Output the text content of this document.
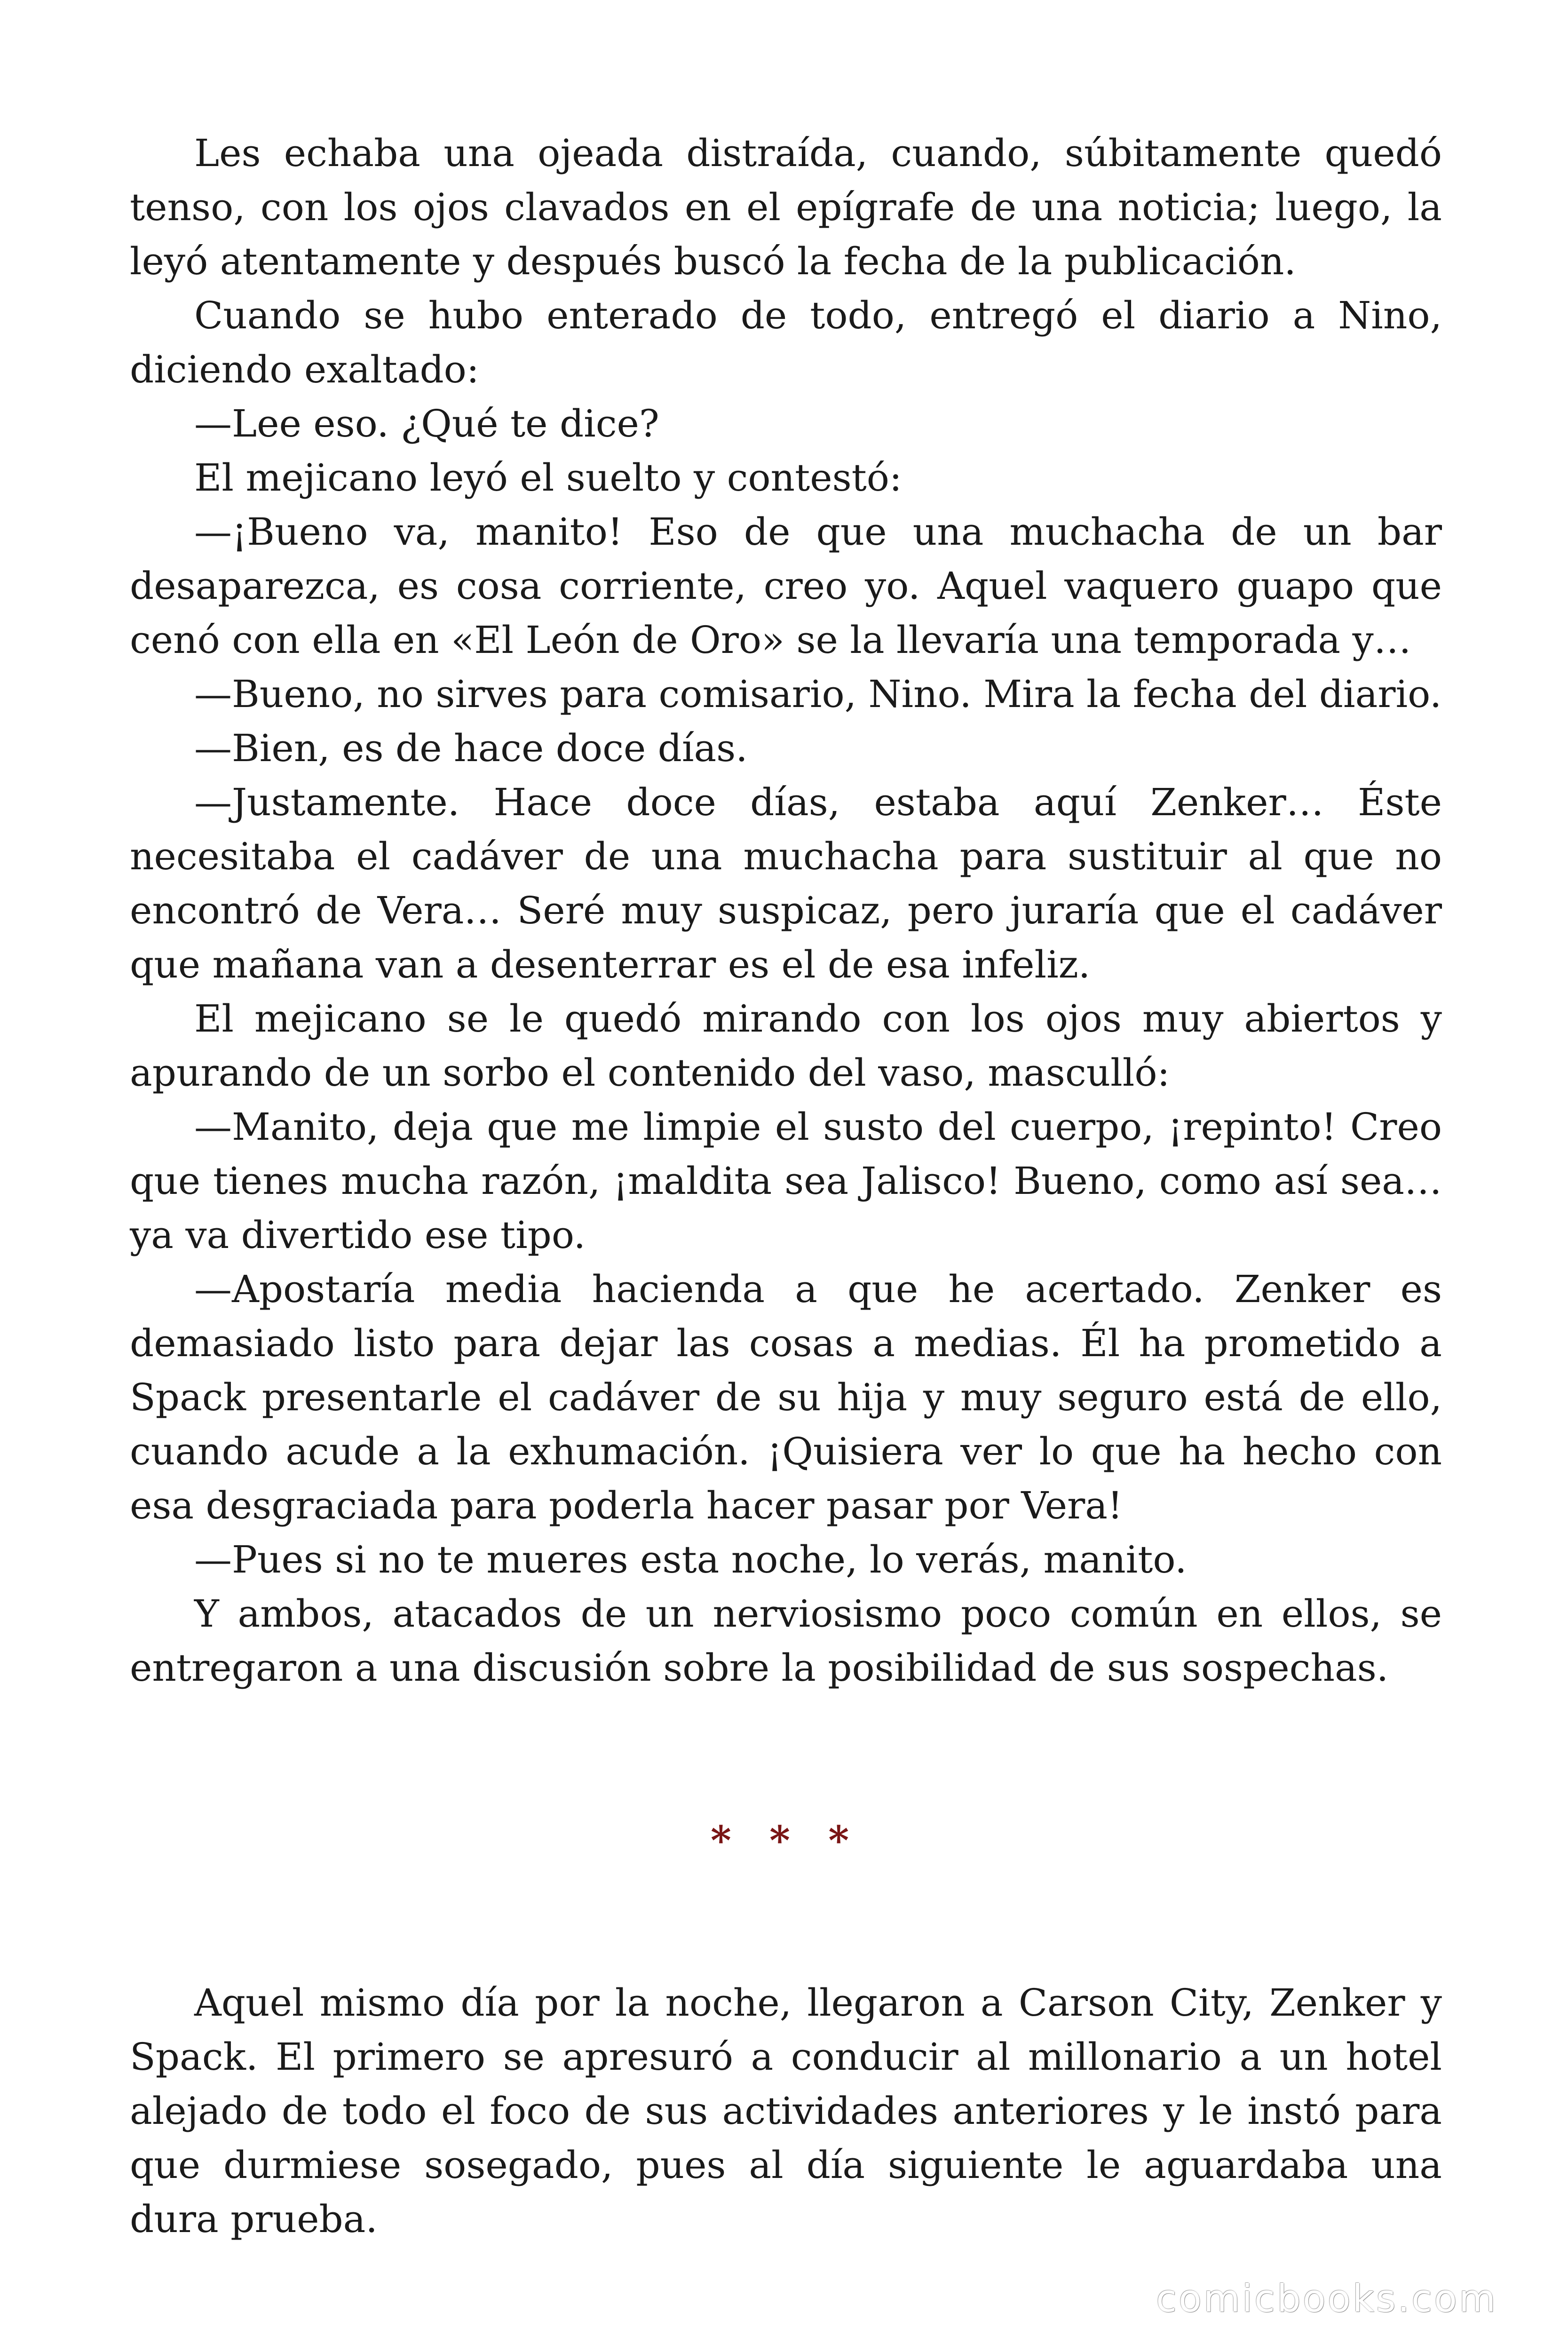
Les echaba una ojeada distraída, cuando, súbitamente quedó tenso, con los ojos clavados en el epígrafe de una noticia; luego, la leyó atentamente y después buscó la fecha de la publicación.

Cuando se hubo enterado de todo, entregó el diario a Nino, diciendo exaltado:

—Lee eso. ¿Qué te dice?

El mejicano leyó el suelto y contestó:

—¡Bueno va, manito! Eso de que una muchacha de un bar desaparezca, es cosa corriente, creo yo. Aquel vaquero guapo que cenó con ella en «El León de Oro» se la llevaría una temporada y…

—Bueno, no sirves para comisario, Nino. Mira la fecha del diario.

—Bien, es de hace doce días.

—Justamente. Hace doce días, estaba aquí Zenker… Éste necesitaba el cadáver de una muchacha para sustituir al que no encontró de Vera… Seré muy suspicaz, pero juraría que el cadáver que mañana van a desenterrar es el de esa infeliz.

El mejicano se le quedó mirando con los ojos muy abiertos y apurando de un sorbo el contenido del vaso, masculló:

—Manito, deja que me limpie el susto del cuerpo, ¡repinto! Creo que tienes mucha razón, ¡maldita sea Jalisco! Bueno, como así sea… ya va divertido ese tipo.

—Apostaría media hacienda a que he acertado. Zenker es demasiado listo para dejar las cosas a medias. Él ha prometido a Spack presentarle el cadáver de su hija y muy seguro está de ello, cuando acude a la exhumación. ¡Quisiera ver lo que ha hecho con esa desgraciada para poderla hacer pasar por Vera!

—Pues si no te mueres esta noche, lo verás, manito.

Y ambos, atacados de un nerviosismo poco común en ellos, se entregaron a una discusión sobre la posibilidad de sus sospechas.

* * *

Aquel mismo día por la noche, llegaron a Carson City, Zenker y Spack. El primero se apresuró a conducir al millonario a un hotel alejado de todo el foco de sus actividades anteriores y le instó para que durmiese sosegado, pues al día siguiente le aguardaba una dura prueba.

comicbooks.com
